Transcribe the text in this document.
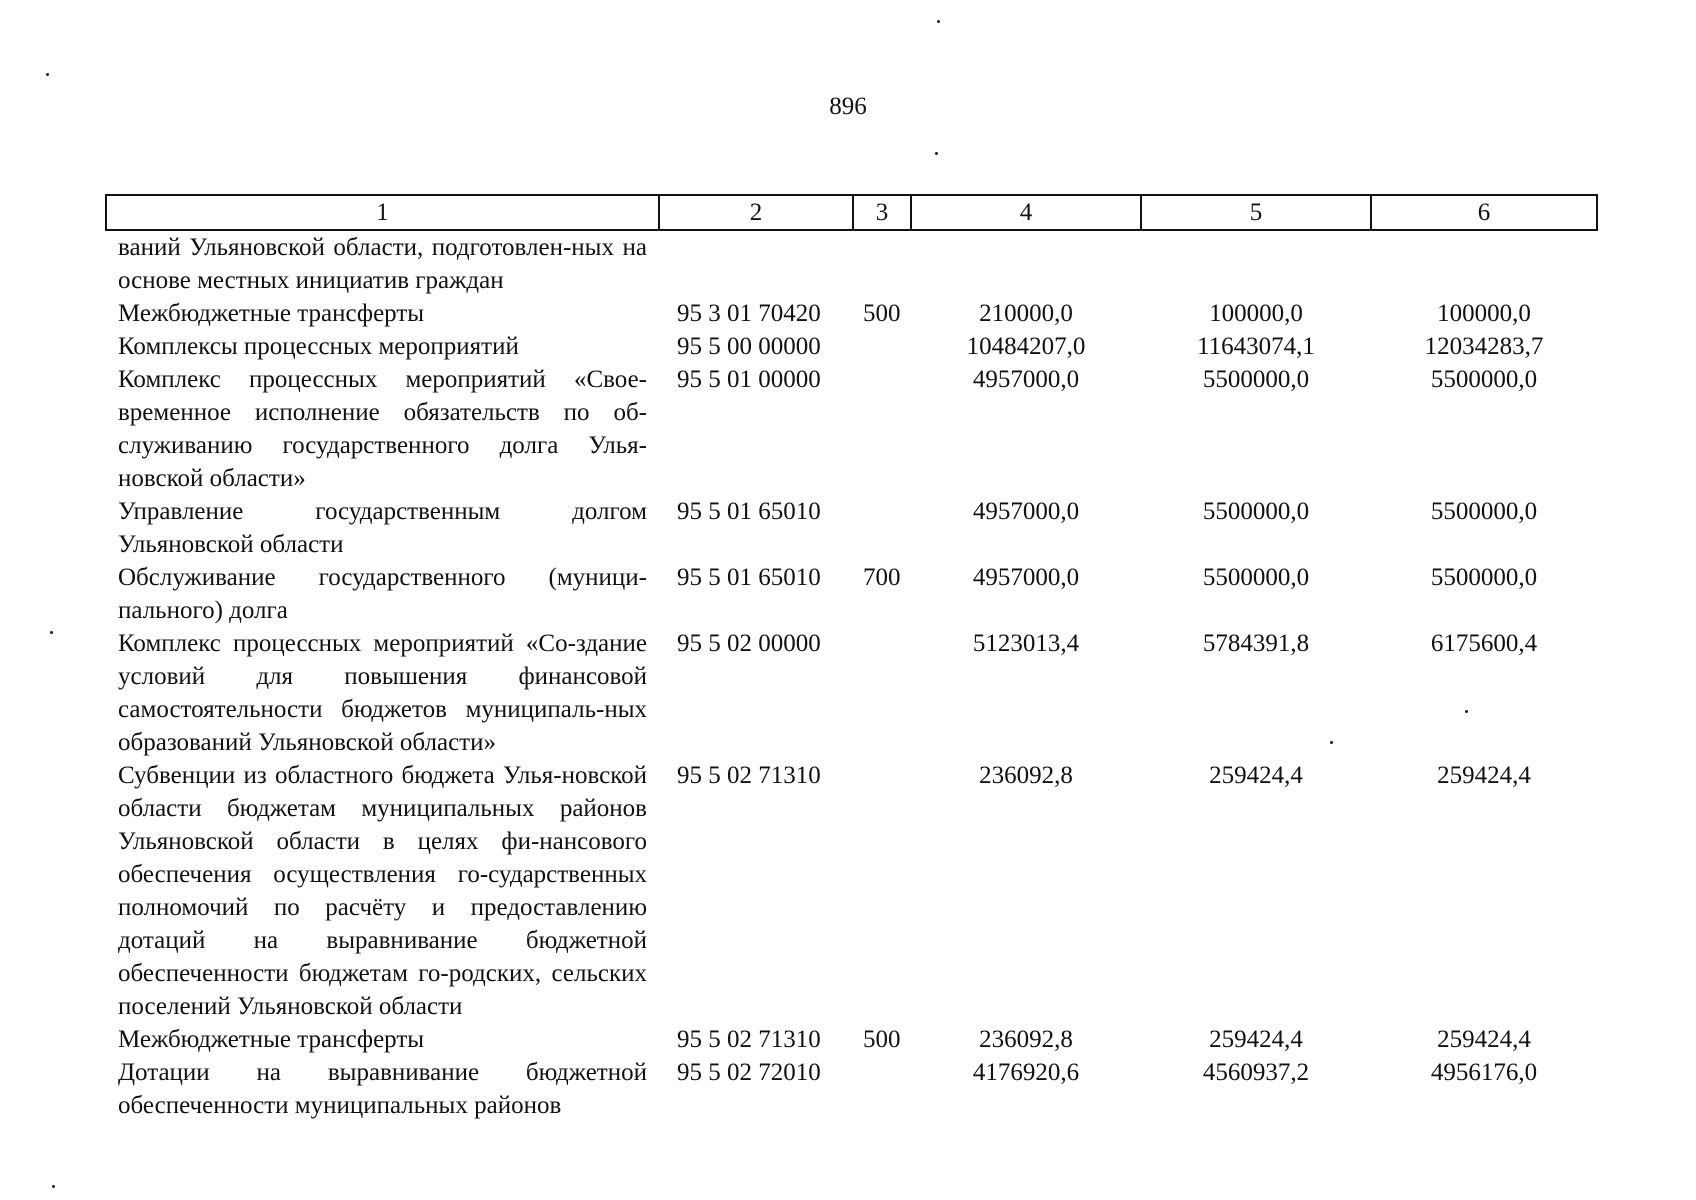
896
1	2	3	4	5	6
ваний Ульяновской области, подготовлен-ных на основе местных инициатив граждан					
Межбюджетные трансферты	95 3 01 70420	500	210000,0	100000,0	100000,0
Комплексы процессных мероприятий	95 5 00 00000		10484207,0	11643074,1	12034283,7
Комплекс процессных мероприятий «Свое-временное исполнение обязательств по об-служиванию государственного долга Улья-новской области»	95 5 01 00000		4957000,0	5500000,0	5500000,0
Управление государственным долгом Ульяновской области	95 5 01 65010		4957000,0	5500000,0	5500000,0
Обслуживание государственного (муници-пального) долга	95 5 01 65010	700	4957000,0	5500000,0	5500000,0
Комплекс процессных мероприятий «Со-здание условий для повышения финансовой самостоятельности бюджетов муниципаль-ных образований Ульяновской области»	95 5 02 00000		5123013,4	5784391,8	6175600,4
Субвенции из областного бюджета Улья-новской области бюджетам муниципальных районов Ульяновской области в целях фи-нансового обеспечения осуществления го-сударственных полномочий по расчёту и предоставлению дотаций на выравнивание бюджетной обеспеченности бюджетам го-родских, сельских поселений Ульяновской области	95 5 02 71310		236092,8	259424,4	259424,4
Межбюджетные трансферты	95 5 02 71310	500	236092,8	259424,4	259424,4
Дотации на выравнивание бюджетной обеспеченности муниципальных районов	95 5 02 72010		4176920,6	4560937,2	4956176,0
